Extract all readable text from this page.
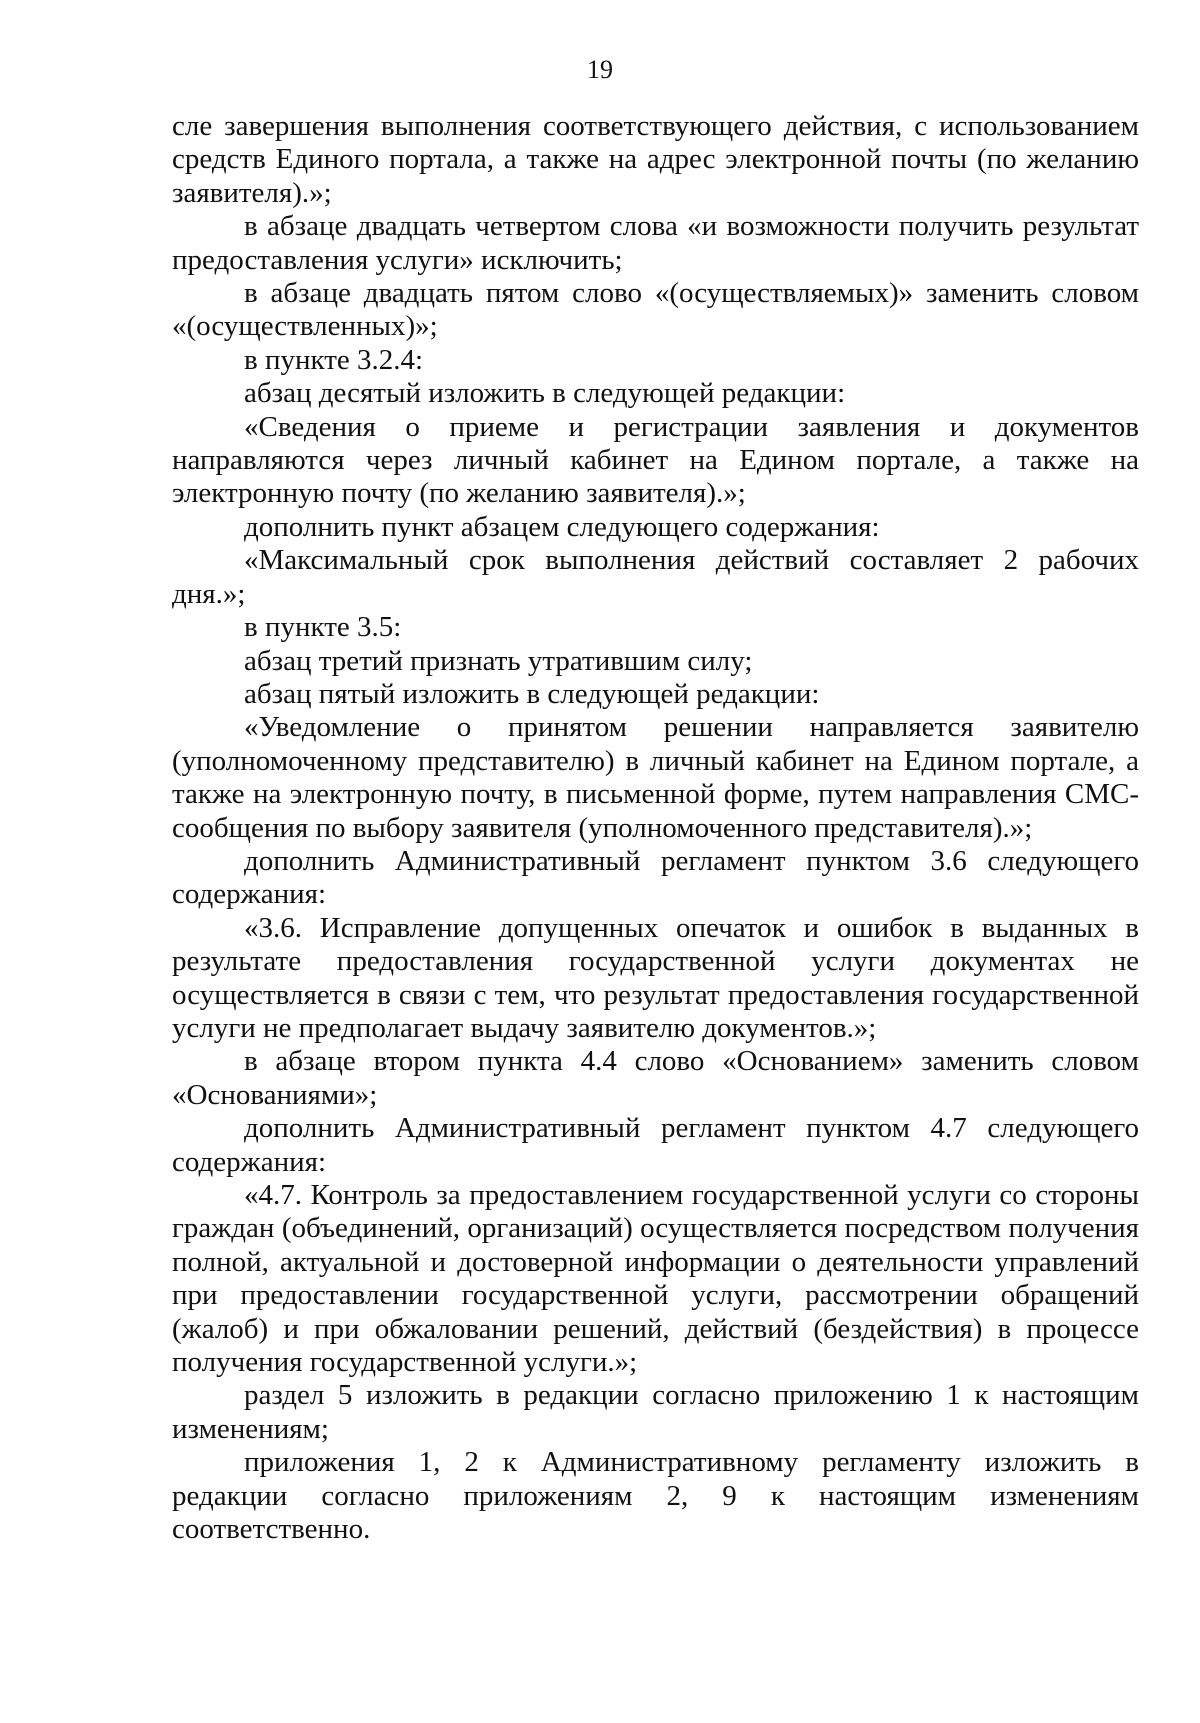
19

сле завершения выполнения соответствующего действия, с использованием средств Единого портала, а также на адрес электронной почты (по желанию заявителя).»;

в абзаце двадцать четвертом слова «и возможности получить результат предоставления услуги» исключить;

в абзаце двадцать пятом слово «(осуществляемых)» заменить словом «(осуществленных)»;

в пункте 3.2.4:

абзац десятый изложить в следующей редакции:

«Сведения о приеме и регистрации заявления и документов направляются через личный кабинет на Едином портале, а также на электронную почту (по желанию заявителя).»;

дополнить пункт абзацем следующего содержания:

«Максимальный срок выполнения действий составляет 2 рабочих дня.»;

в пункте 3.5:

абзац третий признать утратившим силу;

абзац пятый изложить в следующей редакции:

«Уведомление о принятом решении направляется заявителю (уполномоченному представителю) в личный кабинет на Едином портале, а также на электронную почту, в письменной форме, путем направления СМС-сообщения по выбору заявителя (уполномоченного представителя).»;

дополнить Административный регламент пунктом 3.6 следующего содержания:

«3.6. Исправление допущенных опечаток и ошибок в выданных в результате предоставления государственной услуги документах не осуществляется в связи с тем, что результат предоставления государственной услуги не предполагает выдачу заявителю документов.»;

в абзаце втором пункта 4.4 слово «Основанием» заменить словом «Основаниями»;

дополнить Административный регламент пунктом 4.7 следующего содержания:

«4.7. Контроль за предоставлением государственной услуги со стороны граждан (объединений, организаций) осуществляется посредством получения полной, актуальной и достоверной информации о деятельности управлений при предоставлении государственной услуги, рассмотрении обращений (жалоб) и при обжаловании решений, действий (бездействия) в процессе получения государственной услуги.»;

раздел 5 изложить в редакции согласно приложению 1 к настоящим изменениям;

приложения 1, 2 к Административному регламенту изложить в редакции согласно приложениям 2, 9 к настоящим изменениям соответственно.
